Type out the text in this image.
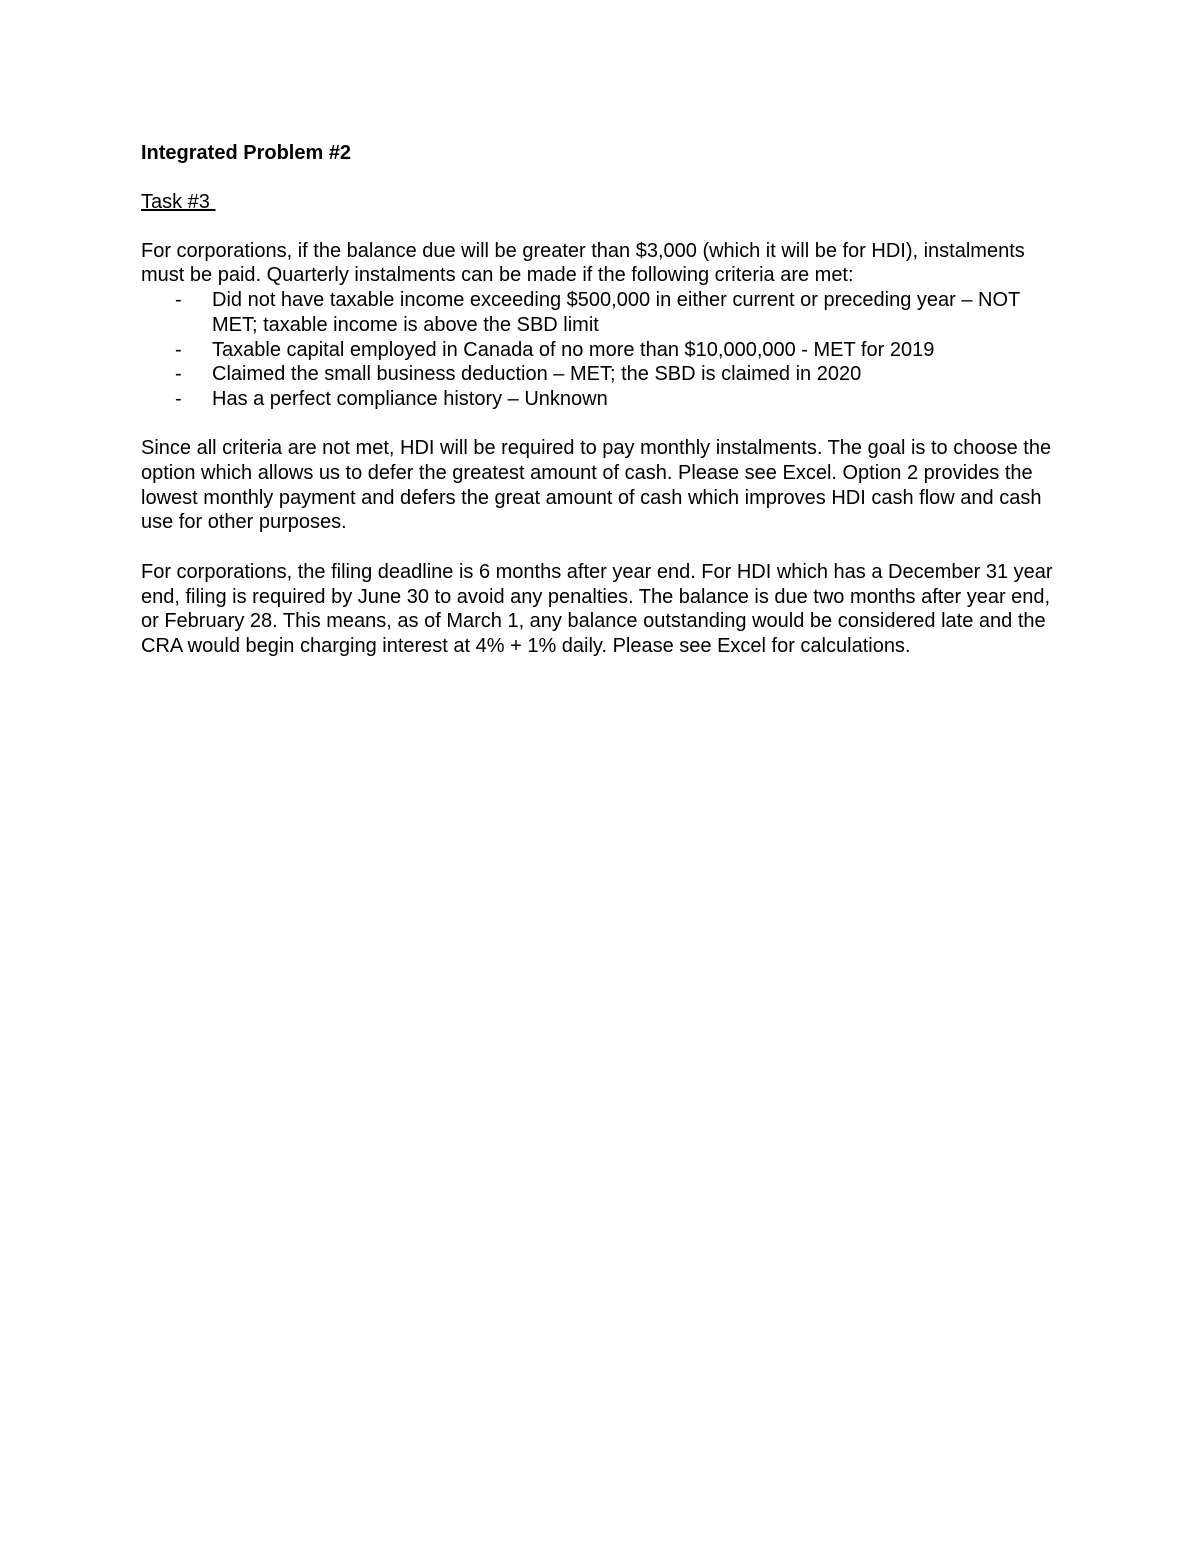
Integrated Problem #2
Task #3

For corporations, if the balance due will be greater than $3,000 (which it will be for HDI), instalments must be paid. Quarterly instalments can be made if the following criteria are met:

- Did not have taxable income exceeding $500,000 in either current or preceding year – NOT MET; taxable income is above the SBD limit
- Taxable capital employed in Canada of no more than $10,000,000 - MET for 2019
- Claimed the small business deduction – MET; the SBD is claimed in 2020
- Has a perfect compliance history – Unknown

Since all criteria are not met, HDI will be required to pay monthly instalments. The goal is to choose the option which allows us to defer the greatest amount of cash. Please see Excel. Option 2 provides the lowest monthly payment and defers the great amount of cash which improves HDI cash flow and cash use for other purposes.

For corporations, the filing deadline is 6 months after year end. For HDI which has a December 31 year end, filing is required by June 30 to avoid any penalties. The balance is due two months after year end, or February 28. This means, as of March 1, any balance outstanding would be considered late and the CRA would begin charging interest at 4% + 1% daily. Please see Excel for calculations.
